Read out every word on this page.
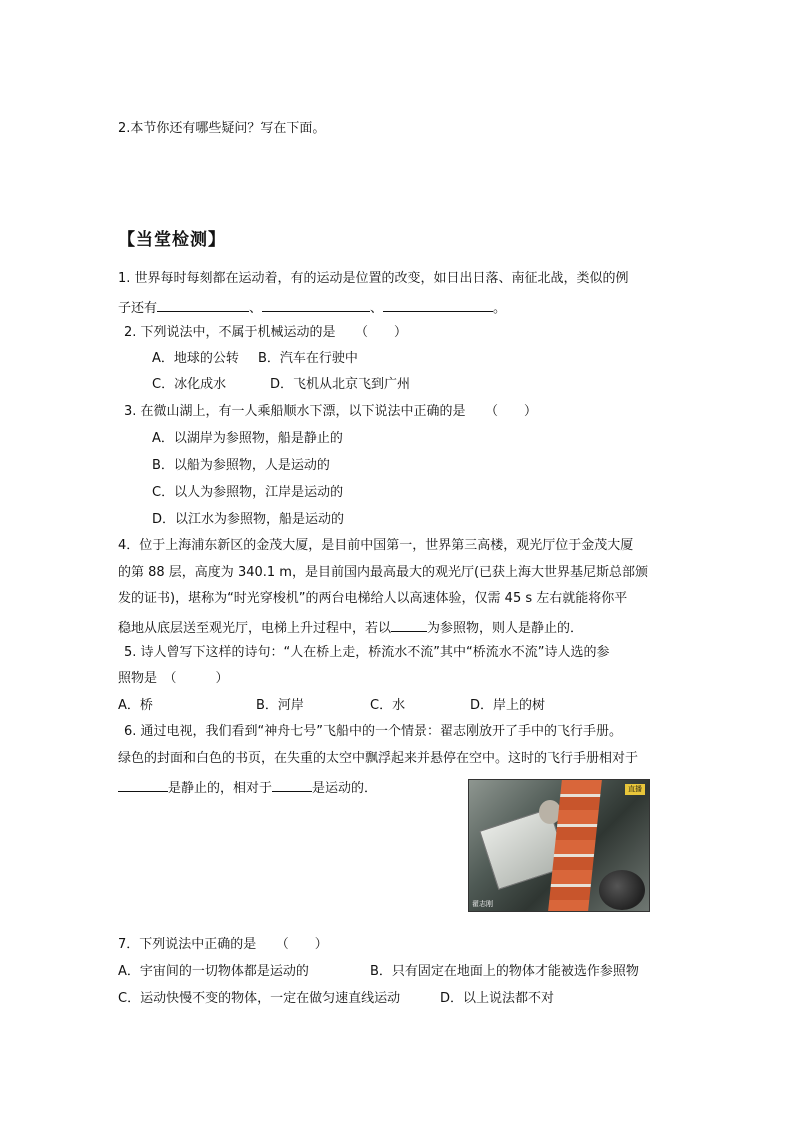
2.本节你还有哪些疑问？写在下面。
【当堂检测】
1. 世界每时每刻都在运动着，有的运动是位置的改变，如日出日落、南征北战，类似的例
子还有	、	、	。
2. 下列说法中，不属于机械运动的是　　（　　）
A．地球的公转 B．汽车在行驶中
C．冰化成水	D．飞机从北京飞到广州
3. 在微山湖上，有一人乘船顺水下漂，以下说法中正确的是　　（　　）
A．以湖岸为参照物，船是静止的
B．以船为参照物，人是运动的
C．以人为参照物，江岸是运动的
D．以江水为参照物，船是运动的
4．位于上海浦东新区的金茂大厦，是目前中国第一，世界第三高楼，观光厅位于金茂大厦
的第 88 层，高度为 340.1 m，是目前国内最高最大的观光厅(已获上海大世界基尼斯总部颁
发的证书)，堪称为“时光穿梭机”的两台电梯给人以高速体验，仅需 45 s 左右就能将你平
稳地从底层送至观光厅，电梯上升过程中，若以	为参照物，则人是静止的．
5. 诗人曾写下这样的诗句：“人在桥上走，桥流水不流”其中“桥流水不流”诗人选的参
照物是　（　　　）
A．桥	B．河岸	C．水	D．岸上的树
6. 通过电视，我们看到“神舟七号”飞船中的一个情景：翟志刚放开了手中的飞行手册。
绿色的封面和白色的书页，在失重的太空中飘浮起来并悬停在空中。这时的飞行手册相对于
是静止的，相对于	是运动的．	直播
翟志刚
7．下列说法中正确的是　　（　　）
A．宇宙间的一切物体都是运动的	B．只有固定在地面上的物体才能被选作参照物
C．运动快慢不变的物体，一定在做匀速直线运动	D．以上说法都不对
